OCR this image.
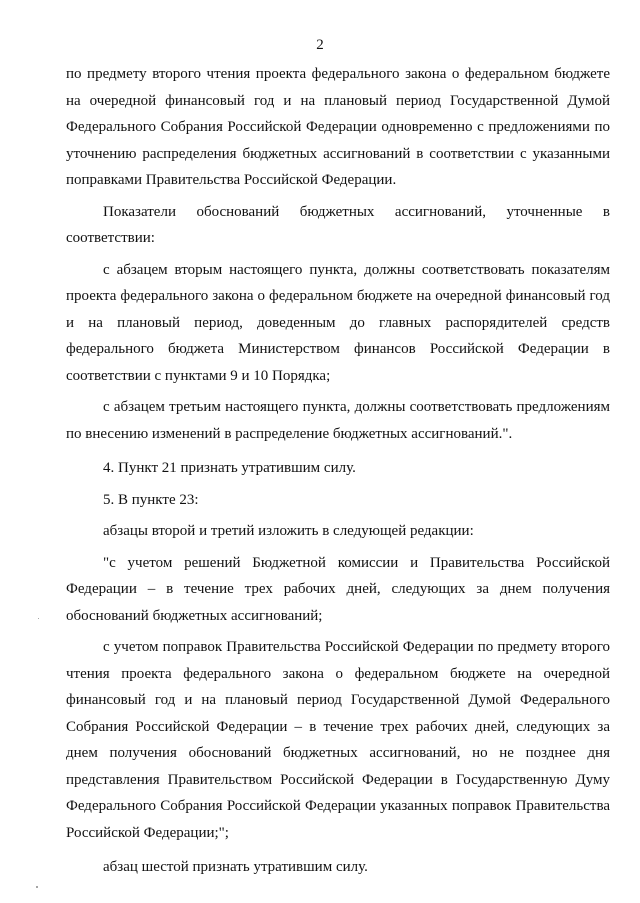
2

по предмету второго чтения проекта федерального закона о федеральном бюджете на очередной финансовый год и на плановый период Государственной Думой Федерального Собрания Российской Федерации одновременно с предложениями по уточнению распределения бюджетных ассигнований в соответствии с указанными поправками Правительства Российской Федерации.

Показатели обоснований бюджетных ассигнований, уточненные в соответствии:

с абзацем вторым настоящего пункта, должны соответствовать показателям проекта федерального закона о федеральном бюджете на очередной финансовый год и на плановый период, доведенным до главных распорядителей средств федерального бюджета Министерством финансов Российской Федерации в соответствии с пунктами 9 и 10 Порядка;

с абзацем третьим настоящего пункта, должны соответствовать предложениям по внесению изменений в распределение бюджетных ассигнований.".

4. Пункт 21 признать утратившим силу.

5. В пункте 23:

абзацы второй и третий изложить в следующей редакции:

"с учетом решений Бюджетной комиссии и Правительства Российской Федерации – в течение трех рабочих дней, следующих за днем получения обоснований бюджетных ассигнований;

с учетом поправок Правительства Российской Федерации по предмету второго чтения проекта федерального закона о федеральном бюджете на очередной финансовый год и на плановый период Государственной Думой Федерального Собрания Российской Федерации – в течение трех рабочих дней, следующих за днем получения обоснований бюджетных ассигнований, но не позднее дня представления Правительством Российской Федерации в Государственную Думу Федерального Собрания Российской Федерации указанных поправок Правительства Российской Федерации;";

абзац шестой признать утратившим силу.
